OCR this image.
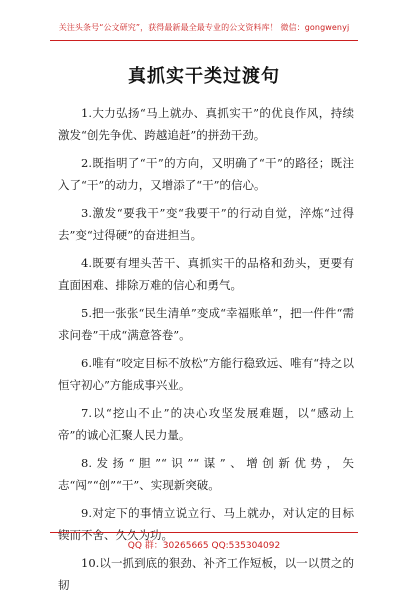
关注头条号“公文研究”，获得最新最全最专业的公文资料库！ 微信：gongwenyj
真抓实干类过渡句

1.大力弘扬“马上就办、真抓实干”的优良作风，持续激发“创先争优、跨越追赶”的拼劲干劲。

2.既指明了“干”的方向，又明确了“干”的路径；既注入了“干”的动力，又增添了“干”的信心。

3.激发“要我干”变“我要干”的行动自觉，淬炼“过得去”变“过得硬”的奋进担当。

4.既要有埋头苦干、真抓实干的品格和劲头，更要有直面困难、排除万难的信心和勇气。

5.把一张张“民生清单”变成“幸福账单”，把一件件“需求问卷”干成“满意答卷”。

6.唯有“咬定目标不放松”方能行稳致远、唯有“持之以恒守初心”方能成事兴业。

7.以“挖山不止”的决心攻坚发展难题，以“感动上帝”的诚心汇聚人民力量。

8.发扬“胆”“识”“谋”、增创新优势，矢志“闯”“创”“干”、实现新突破。

9.对定下的事情立说立行、马上就办，对认定的目标锲而不舍、久久为功。

10.以一抓到底的狠劲、补齐工作短板，以一以贯之的韧

QQ 群：30265665 QQ:535304092
